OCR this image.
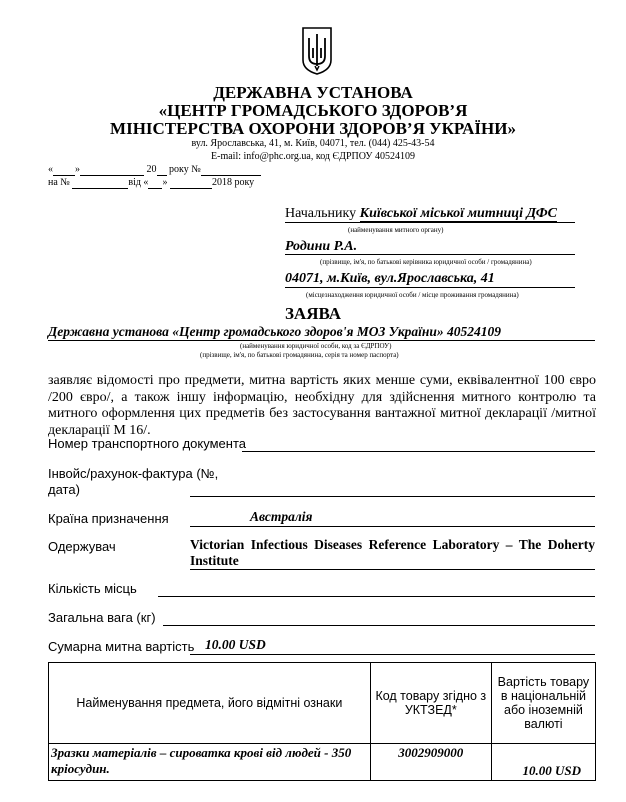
ДЕРЖАВНА УСТАНОВА
«ЦЕНТР ГРОМАДСЬКОГО ЗДОРОВ’Я
МІНІСТЕРСТВА ОХОРОНИ ЗДОРОВ’Я УКРАЇНИ»
вул. Ярославська, 41, м. Київ, 04071, тел. (044) 425-43-54
E-mail: info@phc.org.ua, код ЄДРПОУ 40524109
« »	20 року №
на №	від « »	2018 року
Начальнику Київської міської митниці ДФС
(найменування митного органу)
Родини Р.А.
(прізвище, ім'я, по батькові керівника юридичної особи / громадянина)
04071, м.Київ, вул.Ярославська, 41
(місцезнаходження юридичної особи / місце проживання громадянина)
ЗАЯВА
Державна установа «Центр громадського здоров'я МОЗ України» 40524109
(найменування юридичної особи, код за ЄДРПОУ)
(прізвище, ім'я, по батькові громадянина, серія та номер паспорта)
заявляє відомості про предмети, митна вартість яких менше суми, еквівалентної 100 євро /200 євро/, а також іншу інформацію, необхідну для здійснення митного контролю та митного оформлення цих предметів без застосування вантажної митної декларації /митної декларації М 16/.
Номер транспортного документа
Інвойс/рахунок-фактура (№, дата)
Країна призначення	Австралія
Одержувач	Victorian Infectious Diseases Reference Laboratory – The Doherty Institute
Кількість місць
Загальна вага (кг)
Сумарна митна вартість 10.00 USD
Найменування предмета, його відмітні ознаки	Код товару згідно з УКТЗЕД*	Вартість товару в національній або іноземній валюті
Зразки матеріалів – сироватка крові від людей - 350 кріосудин.	3002909000	10.00 USD
